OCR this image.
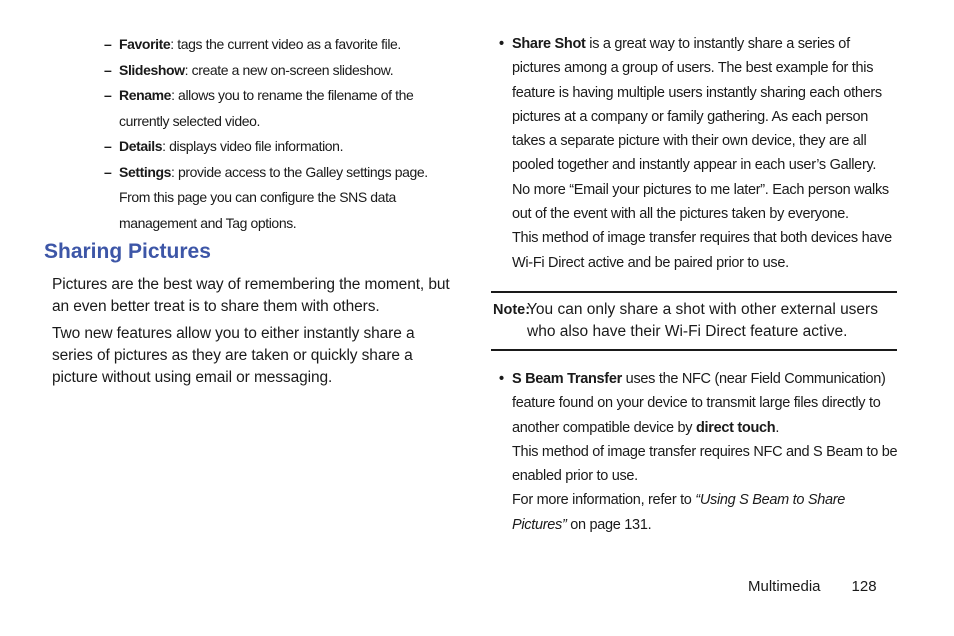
– Favorite: tags the current video as a favorite file.
– Slideshow: create a new on-screen slideshow.
– Rename: allows you to rename the filename of the currently selected video.
– Details: displays video file information.
– Settings: provide access to the Galley settings page. From this page you can configure the SNS data management and Tag options.
Sharing Pictures

Pictures are the best way of remembering the moment, but an even better treat is to share them with others.

Two new features allow you to either instantly share a series of pictures as they are taken or quickly share a picture without using email or messaging.

• Share Shot is a great way to instantly share a series of pictures among a group of users. The best example for this feature is having multiple users instantly sharing each others pictures at a company or family gathering. As each person takes a separate picture with their own device, they are all pooled together and instantly appear in each user’s Gallery.

No more “Email your pictures to me later”. Each person walks out of the event with all the pictures taken by everyone.

This method of image transfer requires that both devices have Wi-Fi Direct active and be paired prior to use.

Note:
You can only share a shot with other external users who also have their Wi-Fi Direct feature active.
• S Beam Transfer uses the NFC (near Field Communication) feature found on your device to transmit large files directly to another compatible device by direct touch.

This method of image transfer requires NFC and S Beam to be enabled prior to use.

For more information, refer to “Using S Beam to Share Pictures” on page 131.

Multimedia 128
